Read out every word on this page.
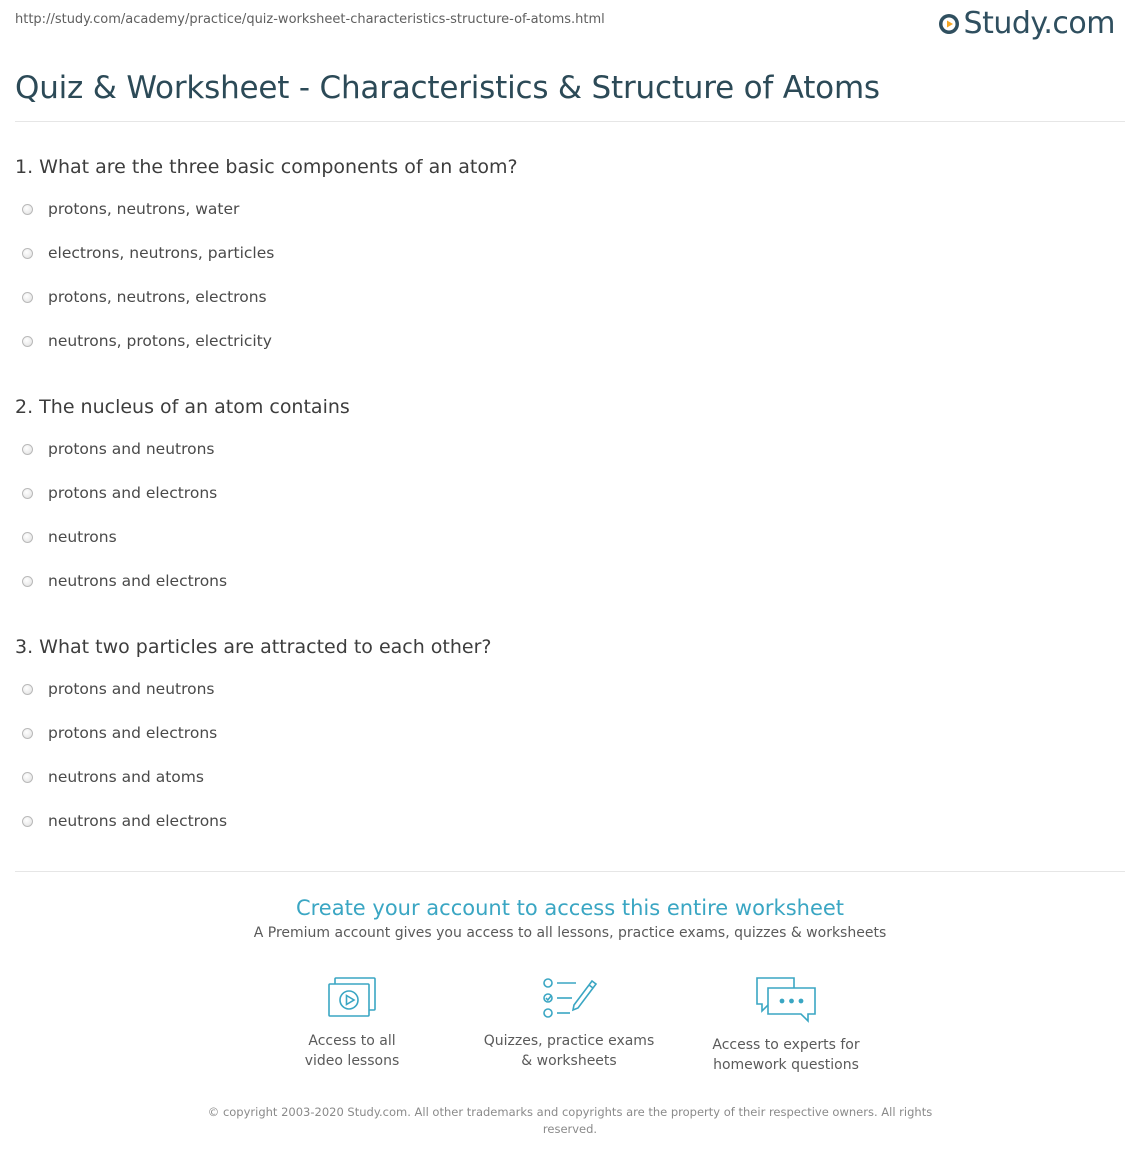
http://study.com/academy/practice/quiz-worksheet-characteristics-structure-of-atoms.html	Study.com
Quiz & Worksheet - Characteristics & Structure of Atoms
1. What are the three basic components of an atom?
protons, neutrons, water
electrons, neutrons, particles
protons, neutrons, electrons
neutrons, protons, electricity
2. The nucleus of an atom contains
protons and neutrons
protons and electrons
neutrons
neutrons and electrons
3. What two particles are attracted to each other?
protons and neutrons
protons and electrons
neutrons and atoms
neutrons and electrons
Create your account to access this entire worksheet
A Premium account gives you access to all lessons, practice exams, quizzes & worksheets
Access to all
video lessons
Quizzes, practice exams
& worksheets
Access to experts for
homework questions
© copyright 2003-2020 Study.com. All other trademarks and copyrights are the property of their respective owners. All rights
reserved.
